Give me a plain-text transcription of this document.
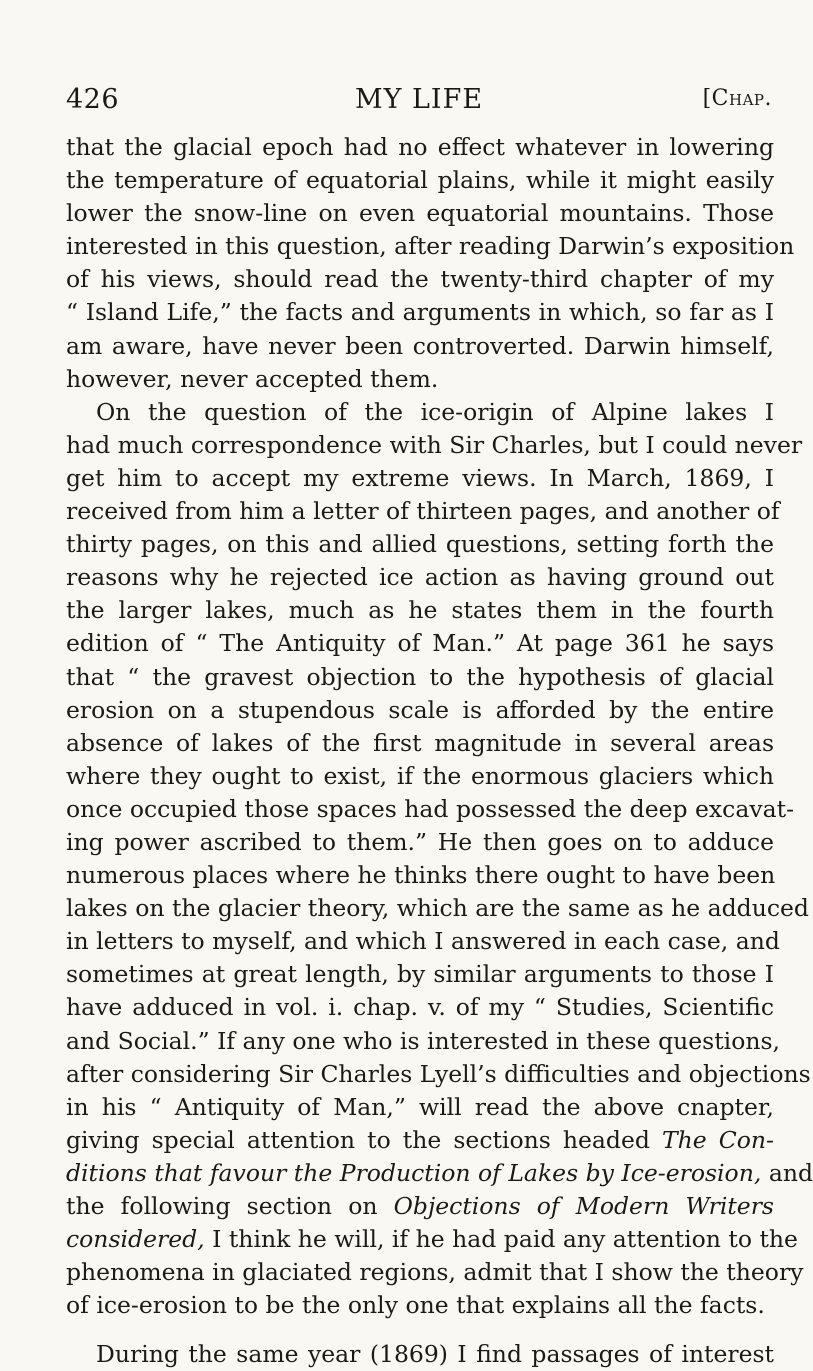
426	MY LIFE	[Chap.
that the glacial epoch had no effect whatever in lowering
the temperature of equatorial plains, while it might easily
lower the snow-line on even equatorial mountains. Those
interested in this question, after reading Darwin’s exposition
of his views, should read the twenty-third chapter of my
“ Island Life,” the facts and arguments in which, so far as I
am aware, have never been controverted. Darwin himself,
however, never accepted them.
On the question of the ice-origin of Alpine lakes I
had much correspondence with Sir Charles, but I could never
get him to accept my extreme views. In March, 1869, I
received from him a letter of thirteen pages, and another of
thirty pages, on this and allied questions, setting forth the
reasons why he rejected ice action as having ground out
the larger lakes, much as he states them in the fourth
edition of “ The Antiquity of Man.” At page 361 he says
that “ the gravest objection to the hypothesis of glacial
erosion on a stupendous scale is afforded by the entire
absence of lakes of the first magnitude in several areas
where they ought to exist, if the enormous glaciers which
once occupied those spaces had possessed the deep excavat-
ing power ascribed to them.” He then goes on to adduce
numerous places where he thinks there ought to have been
lakes on the glacier theory, which are the same as he adduced
in letters to myself, and which I answered in each case, and
sometimes at great length, by similar arguments to those I
have adduced in vol. i. chap. v. of my “ Studies, Scientific
and Social.” If any one who is interested in these questions,
after considering Sir Charles Lyell’s difficulties and objections
in his “ Antiquity of Man,” will read the above cnapter,
giving special attention to the sections headed The Con-
ditions that favour the Production of Lakes by Ice-erosion, and
the following section on Objections of Modern Writers
considered, I think he will, if he had paid any attention to the
phenomena in glaciated regions, admit that I show the theory
of ice-erosion to be the only one that explains all the facts.
During the same year (1869) I find passages of interest
